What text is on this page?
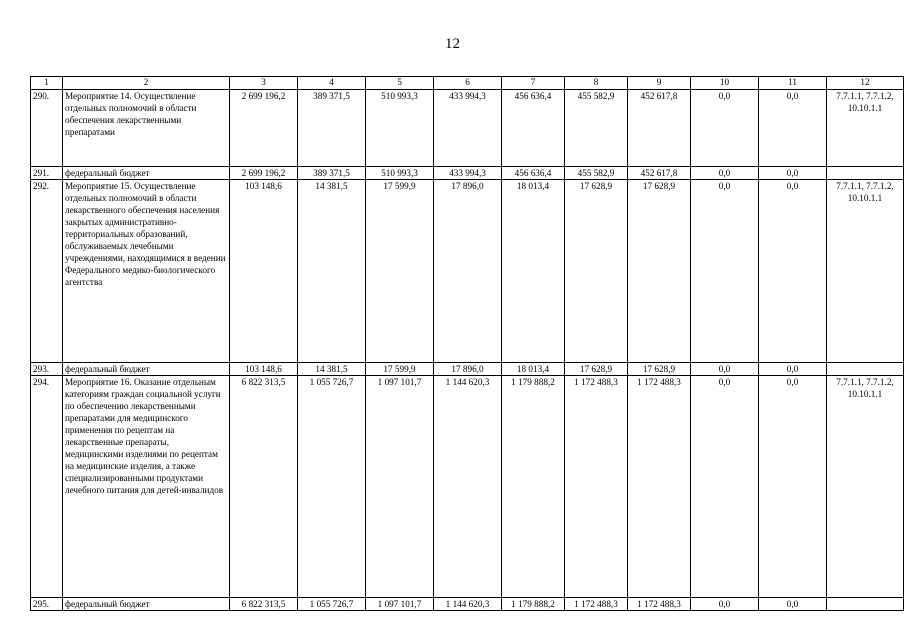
12
1	2	3	4	5	6	7	8	9	10	11	12
290.	Мероприятие 14. Осуществление отдельных полномочий в области обеспечения лекарственными препаратами	2 699 196,2	389 371,5	510 993,3	433 994,3	456 636,4	455 582,9	452 617,8	0,0	0,0	7.7.1.1, 7.7.1.2, 10.10.1.1
291.	федеральный бюджет	2 699 196,2	389 371,5	510 993,3	433 994,3	456 636,4	455 582,9	452 617,8	0,0	0,0	
292.	Мероприятие 15. Осуществление отдельных полномочий в области лекарственного обеспечения населения закрытых административно-территориальных образований, обслуживаемых лечебными учреждениями, находящимися в ведении Федерального медико-биологического агентства	103 148,6	14 381,5	17 599,9	17 896,0	18 013,4	17 628,9	17 628,9	0,0	0,0	7.7.1.1, 7.7.1.2, 10.10.1.1
293.	федеральный бюджет	103 148,6	14 381,5	17 599,9	17 896,0	18 013,4	17 628,9	17 628,9	0,0	0,0	
294.	Мероприятие 16. Оказание отдельным категориям граждан социальной услуги по обеспечению лекарственными препаратами для медицинского применения по рецептам на лекарственные препараты, медицинскими изделиями по рецептам на медицинские изделия, а также специализированными продуктами лечебного питания для детей-инвалидов	6 822 313,5	1 055 726,7	1 097 101,7	1 144 620,3	1 179 888,2	1 172 488,3	1 172 488,3	0,0	0,0	7.7.1.1, 7.7.1.2, 10.10.1.1
295.	федеральный бюджет	6 822 313,5	1 055 726,7	1 097 101,7	1 144 620,3	1 179 888,2	1 172 488,3	1 172 488,3	0,0	0,0	
